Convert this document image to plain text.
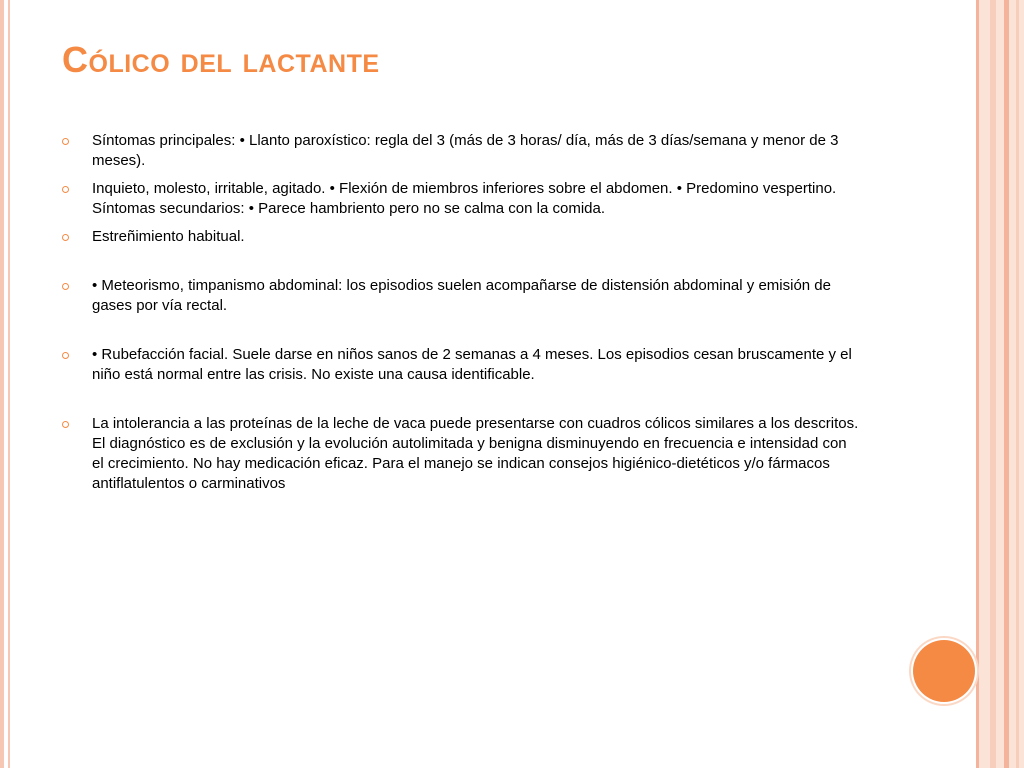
Cólico del lactante
Síntomas principales: • Llanto paroxístico: regla del 3 (más de 3 horas/ día, más de 3 días/semana y menor de 3 meses).
Inquieto, molesto, irritable, agitado. • Flexión de miembros inferiores sobre el abdomen. • Predomino vespertino. Síntomas secundarios: • Parece hambriento pero no se calma con la comida.
Estreñimiento habitual.
• Meteorismo, timpanismo abdominal: los episodios suelen acompañarse de distensión abdominal y emisión de gases por vía rectal.
• Rubefacción facial. Suele darse en niños sanos de 2 semanas a 4 meses. Los episodios cesan bruscamente y el niño está normal entre las crisis. No existe una causa identificable.
La intolerancia a las proteínas de la leche de vaca puede presentarse con cuadros cólicos similares a los descritos. El diagnóstico es de exclusión y la evolución autolimitada y benigna disminuyendo en frecuencia e intensidad con el crecimiento. No hay medicación eficaz. Para el manejo se indican consejos higiénico-dietéticos y/o fármacos antiflatulentos o carminativos
